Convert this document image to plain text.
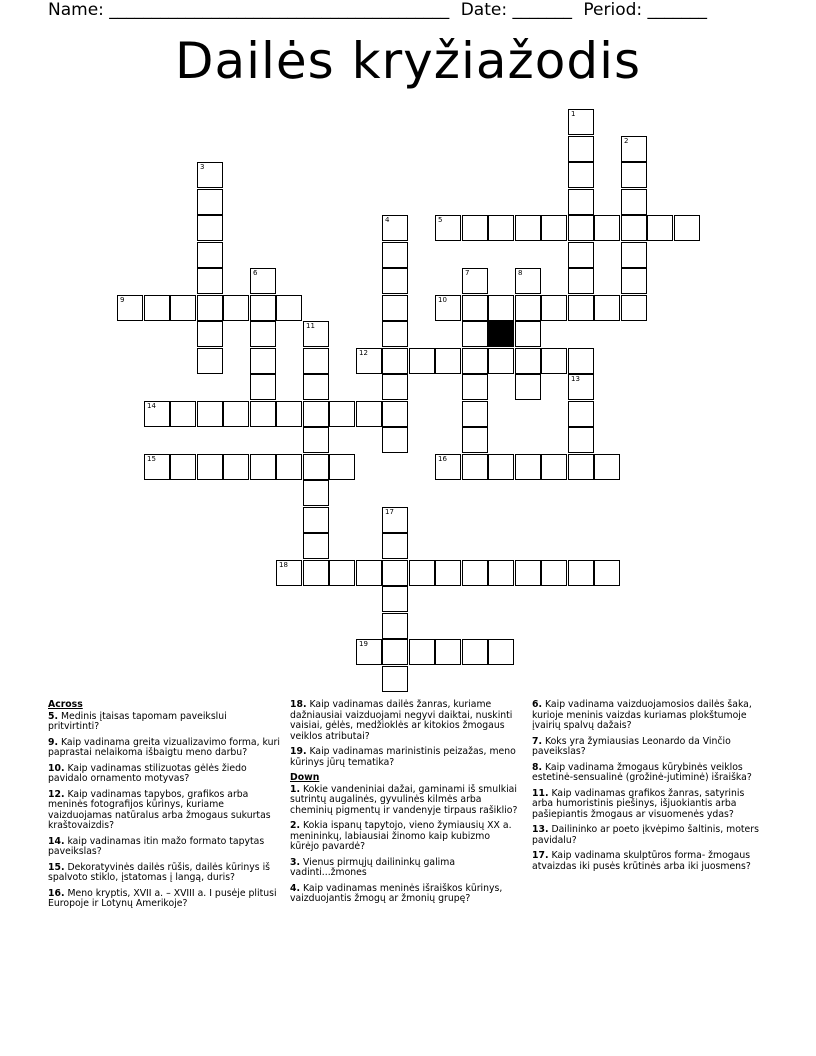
Name: ________________________________________ Date: _______ Period: _______
Dailės kryžiažodis
5
9	10
12
14
15	16
18
19
1
2
3
4
6	7	8
11
13
17
Across
5. Medinis įtaisas tapomam paveikslui pritvirtinti?
9. Kaip vadinama greita vizualizavimo forma, kuri paprastai nelaikoma išbaigtu meno darbu?
10. Kaip vadinamas stilizuotas gėlės žiedo pavidalo ornamento motyvas?
12. Kaip vadinamas tapybos, grafikos arba meninės fotografijos kūrinys, kuriame vaizduojamas natūralus arba žmogaus sukurtas kraštovaizdis?
14. kaip vadinamas itin mažo formato tapytas paveikslas?
15. Dekoratyvinės dailės rūšis, dailės kūrinys iš spalvoto stiklo, įstatomas į langą, duris?
16. Meno kryptis, XVII a. – XVIII a. I pusėje plitusi Europoje ir Lotynų Amerikoje?
18. Kaip vadinamas dailės žanras, kuriame dažniausiai vaizduojami negyvi daiktai, nuskinti vaisiai, gėlės, medžioklės ar kitokios žmogaus veiklos atributai?
19. Kaip vadinamas marinistinis peizažas, meno kūrinys jūrų tematika?
Down
1. Kokie vandeniniai dažai, gaminami iš smulkiai sutrintų augalinės, gyvulinės kilmės arba cheminių pigmentų ir vandenyje tirpaus rašiklio?
2. Kokia ispanų tapytojo, vieno žymiausių XX a. menininkų, labiausiai žinomo kaip kubizmo kūrėjo pavardė?
3. Vienus pirmųjų dailininkų galima vadinti...žmones
4. Kaip vadinamas meninės išraiškos kūrinys, vaizduojantis žmogų ar žmonių grupę?
6. Kaip vadinama vaizduojamosios dailės šaka, kurioje meninis vaizdas kuriamas plokštumoje įvairių spalvų dažais?
7. Koks yra žymiausias Leonardo da Vinčio paveikslas?
8. Kaip vadinama žmogaus kūrybinės veiklos estetinė-sensualinė (grožinė-jutiminė) išraiška?
11. Kaip vadinamas grafikos žanras, satyrinis arba humoristinis piešinys, išjuokiantis arba pašiepiantis žmogaus ar visuomenės ydas?
13. Dailininko ar poeto įkvėpimo šaltinis, moters pavidalu?
17. Kaip vadinama skulptūros forma- žmogaus atvaizdas iki pusės krūtinės arba iki juosmens?
